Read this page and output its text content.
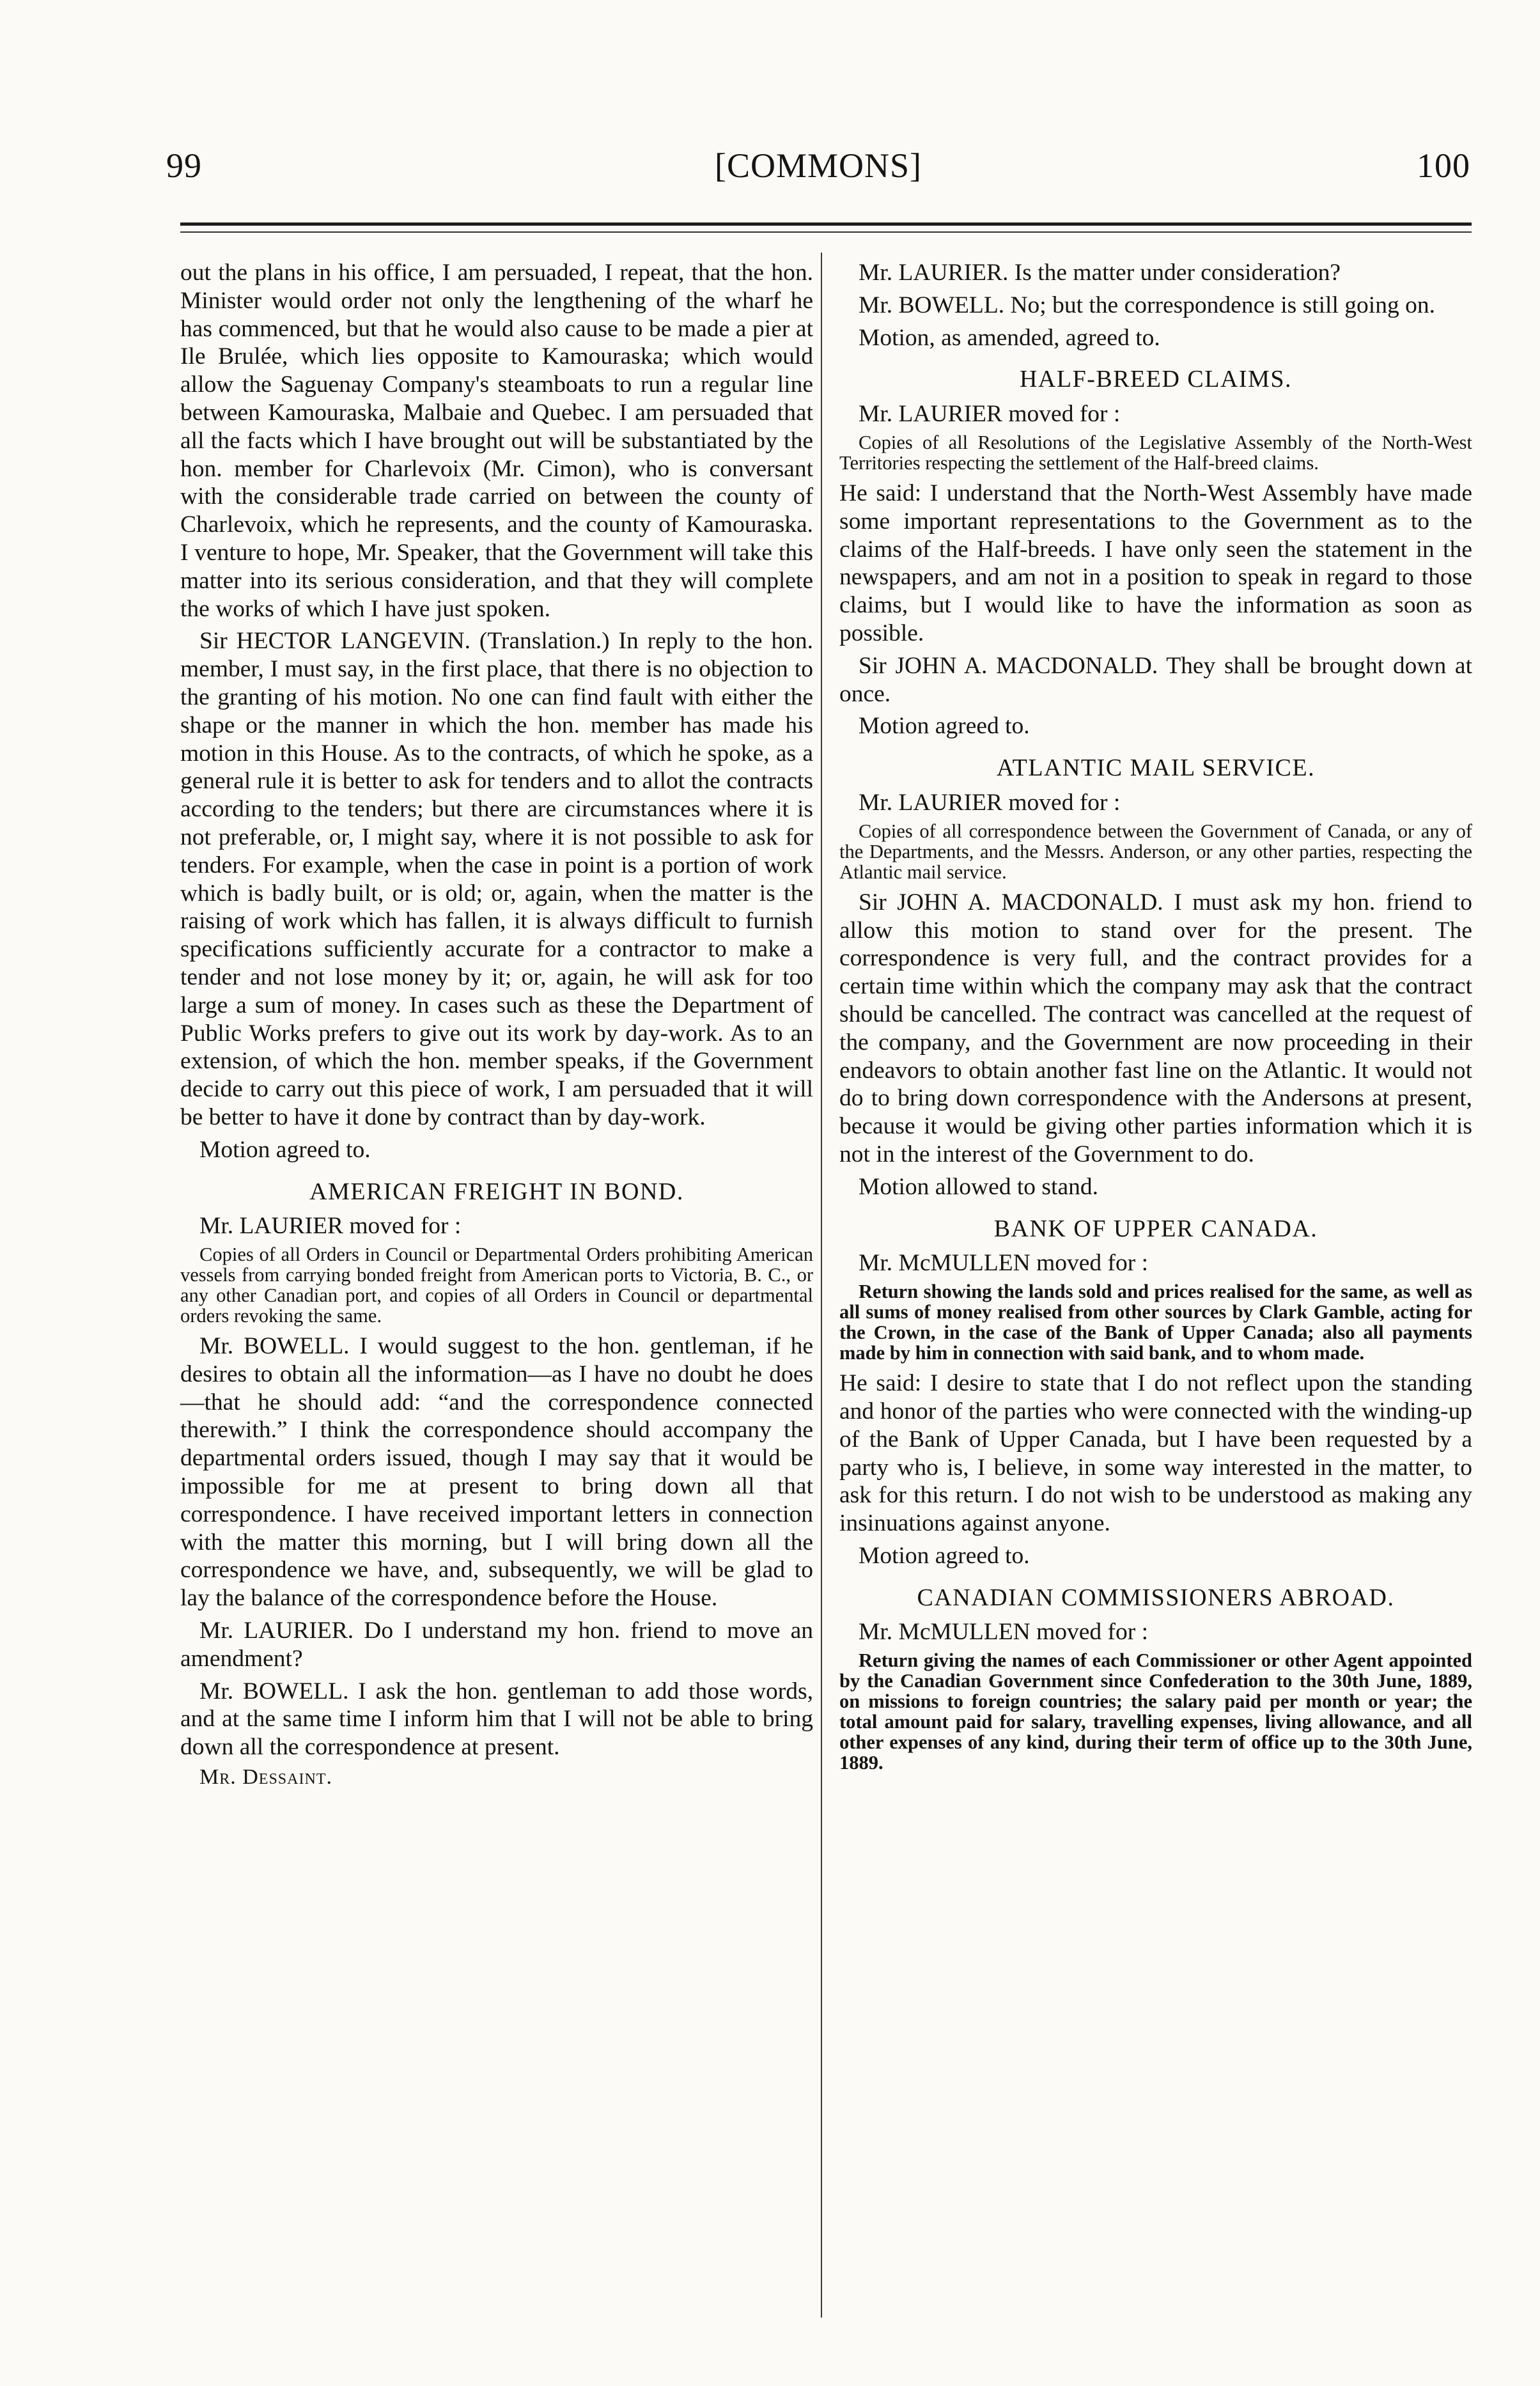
99	[COMMONS]	100

out the plans in his office, I am persuaded, I repeat, that the hon. Minister would order not only the lengthening of the wharf he has commenced, but that he would also cause to be made a pier at Ile Brulée, which lies opposite to Kamouraska; which would allow the Saguenay Company's steamboats to run a regular line between Kamouraska, Malbaie and Quebec. I am persuaded that all the facts which I have brought out will be substantiated by the hon. member for Charlevoix (Mr. Cimon), who is conversant with the considerable trade carried on between the county of Charlevoix, which he represents, and the county of Kamouraska. I venture to hope, Mr. Speaker, that the Government will take this matter into its serious consideration, and that they will complete the works of which I have just spoken.

Sir HECTOR LANGEVIN. (Translation.) In reply to the hon. member, I must say, in the first place, that there is no objection to the granting of his motion. No one can find fault with either the shape or the manner in which the hon. member has made his motion in this House. As to the contracts, of which he spoke, as a general rule it is better to ask for tenders and to allot the contracts according to the tenders; but there are circumstances where it is not preferable, or, I might say, where it is not possible to ask for tenders. For example, when the case in point is a portion of work which is badly built, or is old; or, again, when the matter is the raising of work which has fallen, it is always difficult to furnish specifications sufficiently accurate for a contractor to make a tender and not lose money by it; or, again, he will ask for too large a sum of money. In cases such as these the Department of Public Works prefers to give out its work by day-work. As to an extension, of which the hon. member speaks, if the Government decide to carry out this piece of work, I am persuaded that it will be better to have it done by contract than by day-work.

Motion agreed to.

AMERICAN FREIGHT IN BOND.

Mr. LAURIER moved for :

Copies of all Orders in Council or Departmental Orders prohibiting American vessels from carrying bonded freight from American ports to Victoria, B. C., or any other Canadian port, and copies of all Orders in Council or departmental orders revoking the same.

Mr. BOWELL. I would suggest to the hon. gentleman, if he desires to obtain all the information—as I have no doubt he does—that he should add: “and the correspondence connected therewith.” I think the correspondence should accompany the departmental orders issued, though I may say that it would be impossible for me at present to bring down all that correspondence. I have received important letters in connection with the matter this morning, but I will bring down all the correspondence we have, and, subsequently, we will be glad to lay the balance of the correspondence before the House.

Mr. LAURIER. Do I understand my hon. friend to move an amendment?

Mr. BOWELL. I ask the hon. gentleman to add those words, and at the same time I inform him that I will not be able to bring down all the correspondence at present.

Mr. Dessaint.

Mr. LAURIER. Is the matter under consideration?

Mr. BOWELL. No; but the correspondence is still going on.

Motion, as amended, agreed to.

HALF-BREED CLAIMS.

Mr. LAURIER moved for :

Copies of all Resolutions of the Legislative Assembly of the North-West Territories respecting the settlement of the Half-breed claims.

He said: I understand that the North-West Assembly have made some important representations to the Government as to the claims of the Half-breeds. I have only seen the statement in the newspapers, and am not in a position to speak in regard to those claims, but I would like to have the information as soon as possible.

Sir JOHN A. MACDONALD. They shall be brought down at once.

Motion agreed to.

ATLANTIC MAIL SERVICE.

Mr. LAURIER moved for :

Copies of all correspondence between the Government of Canada, or any of the Departments, and the Messrs. Anderson, or any other parties, respecting the Atlantic mail service.

Sir JOHN A. MACDONALD. I must ask my hon. friend to allow this motion to stand over for the present. The correspondence is very full, and the contract provides for a certain time within which the company may ask that the contract should be cancelled. The contract was cancelled at the request of the company, and the Government are now proceeding in their endeavors to obtain another fast line on the Atlantic. It would not do to bring down correspondence with the Andersons at present, because it would be giving other parties information which it is not in the interest of the Government to do.

Motion allowed to stand.

BANK OF UPPER CANADA.

Mr. McMULLEN moved for :

Return showing the lands sold and prices realised for the same, as well as all sums of money realised from other sources by Clark Gamble, acting for the Crown, in the case of the Bank of Upper Canada; also all payments made by him in connection with said bank, and to whom made.

He said: I desire to state that I do not reflect upon the standing and honor of the parties who were connected with the winding-up of the Bank of Upper Canada, but I have been requested by a party who is, I believe, in some way interested in the matter, to ask for this return. I do not wish to be understood as making any insinuations against anyone.

Motion agreed to.

CANADIAN COMMISSIONERS ABROAD.

Mr. McMULLEN moved for :

Return giving the names of each Commissioner or other Agent appointed by the Canadian Government since Confederation to the 30th June, 1889, on missions to foreign countries; the salary paid per month or year; the total amount paid for salary, travelling expenses, living allowance, and all other expenses of any kind, during their term of office up to the 30th June, 1889.
